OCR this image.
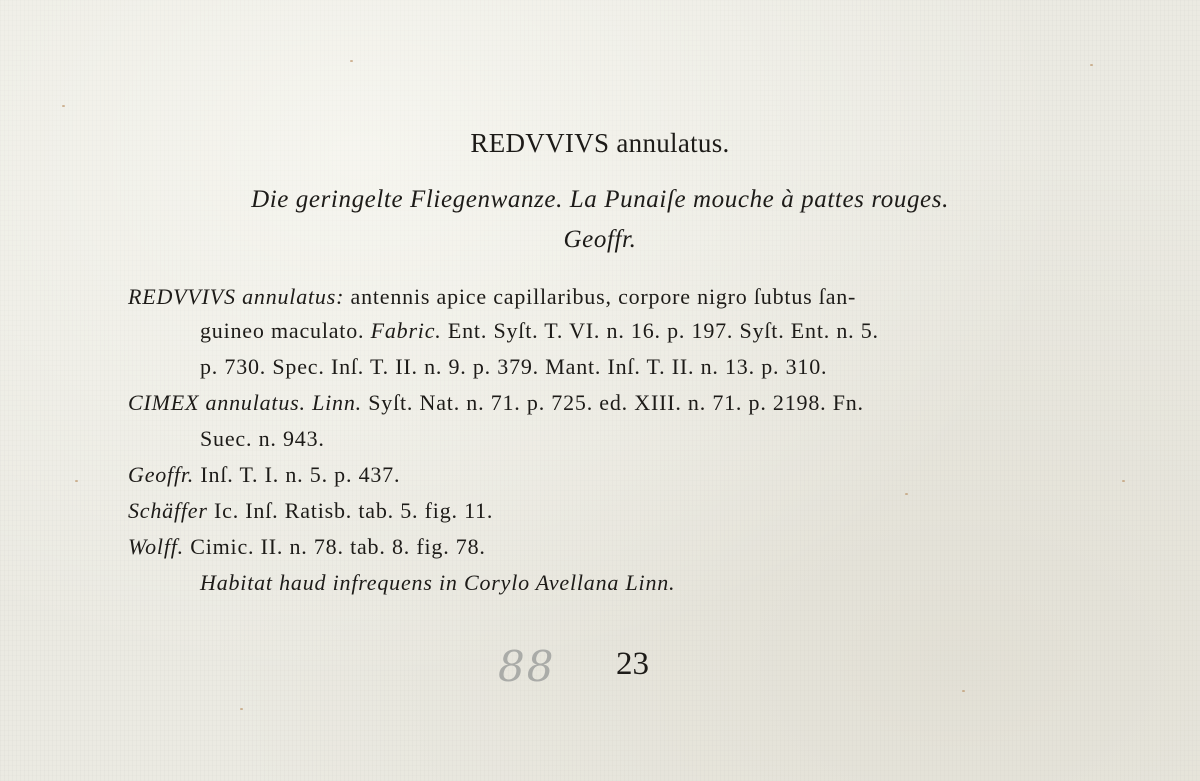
REDVVIVS annulatus.
Die geringelte Fliegenwanze. La Punaiſe mouche à pattes rouges.
Geoffr.
REDVVIVS annulatus: antennis apice capillaribus, corpore nigro ſubtus ſan-
guineo maculato. Fabric. Ent. Syſt. T. VI. n. 16. p. 197. Syſt. Ent. n. 5.
p. 730. Spec. Inſ. T. II. n. 9. p. 379. Mant. Inſ. T. II. n. 13. p. 310.
CIMEX annulatus. Linn. Syſt. Nat. n. 71. p. 725. ed. XIII. n. 71. p. 2198. Fn.
Suec. n. 943.
Geoffr. Inſ. T. I. n. 5. p. 437.
Schäffer Ic. Inſ. Ratisb. tab. 5. fig. 11.
Wolff. Cimic. II. n. 78. tab. 8. fig. 78.
Habitat haud infrequens in Corylo Avellana Linn.
88 23
